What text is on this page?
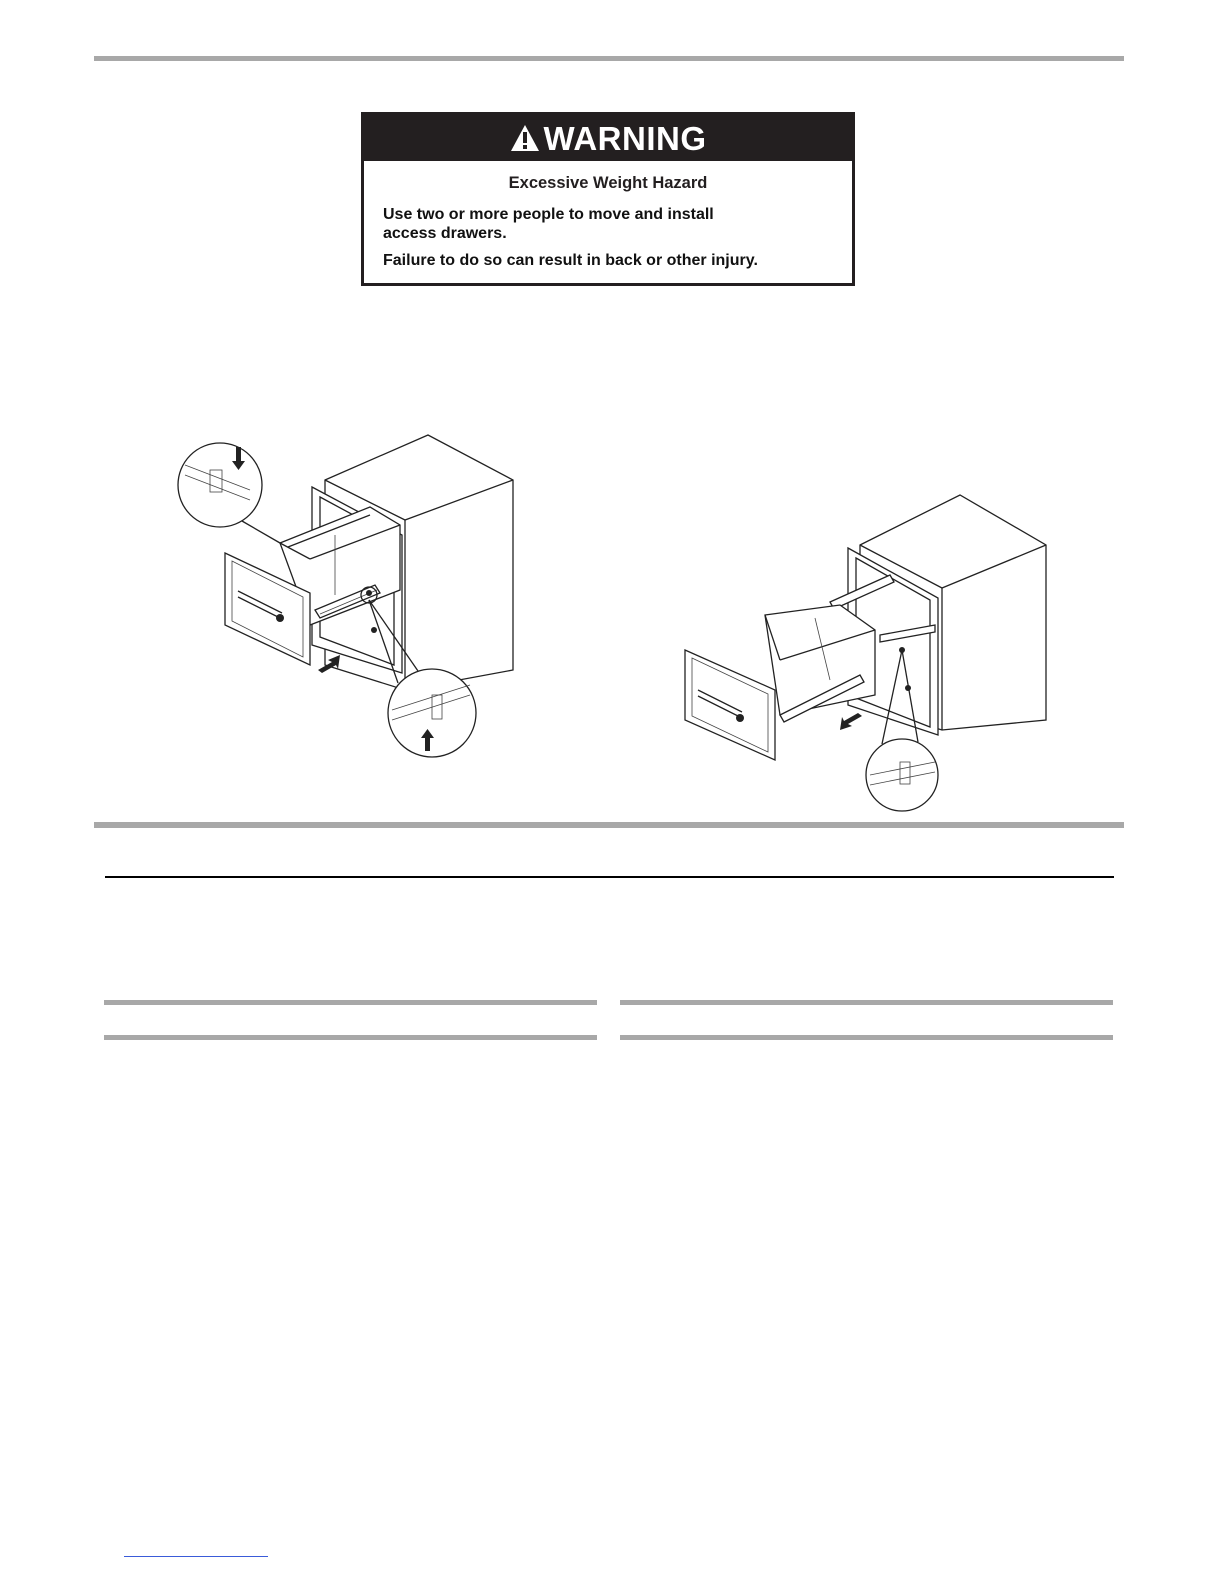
WARNING
Excessive Weight Hazard
Use two or more people to move and install access drawers.
Failure to do so can result in back or other injury.
